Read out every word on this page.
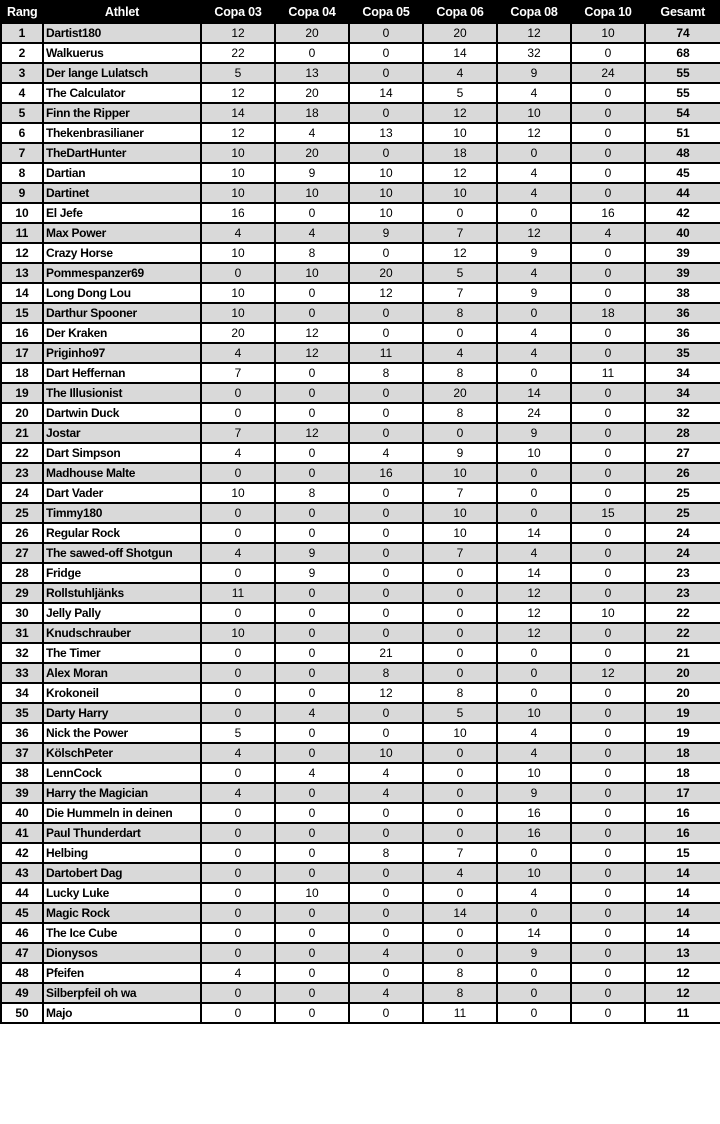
Rang	Athlet	Copa 03	Copa 04	Copa 05	Copa 06	Copa 08	Copa 10	Gesamt
1	Dartist180	12	20	0	20	12	10	74
2	Walkuerus	22	0	0	14	32	0	68
3	Der lange Lulatsch	5	13	0	4	9	24	55
4	The Calculator	12	20	14	5	4	0	55
5	Finn the Ripper	14	18	0	12	10	0	54
6	Thekenbrasilianer	12	4	13	10	12	0	51
7	TheDartHunter	10	20	0	18	0	0	48
8	Dartian	10	9	10	12	4	0	45
9	Dartinet	10	10	10	10	4	0	44
10	El Jefe	16	0	10	0	0	16	42
11	Max Power	4	4	9	7	12	4	40
12	Crazy Horse	10	8	0	12	9	0	39
13	Pommespanzer69	0	10	20	5	4	0	39
14	Long Dong Lou	10	0	12	7	9	0	38
15	Darthur Spooner	10	0	0	8	0	18	36
16	Der Kraken	20	12	0	0	4	0	36
17	Priginho97	4	12	11	4	4	0	35
18	Dart Heffernan	7	0	8	8	0	11	34
19	The Illusionist	0	0	0	20	14	0	34
20	Dartwin Duck	0	0	0	8	24	0	32
21	Jostar	7	12	0	0	9	0	28
22	Dart Simpson	4	0	4	9	10	0	27
23	Madhouse Malte	0	0	16	10	0	0	26
24	Dart Vader	10	8	0	7	0	0	25
25	Timmy180	0	0	0	10	0	15	25
26	Regular Rock	0	0	0	10	14	0	24
27	The sawed-off Shotgun	4	9	0	7	4	0	24
28	Fridge	0	9	0	0	14	0	23
29	Rollstuhljänks	11	0	0	0	12	0	23
30	Jelly Pally	0	0	0	0	12	10	22
31	Knudschrauber	10	0	0	0	12	0	22
32	The Timer	0	0	21	0	0	0	21
33	Alex Moran	0	0	8	0	0	12	20
34	Krokoneil	0	0	12	8	0	0	20
35	Darty Harry	0	4	0	5	10	0	19
36	Nick the Power	5	0	0	10	4	0	19
37	KölschPeter	4	0	10	0	4	0	18
38	LennCock	0	4	4	0	10	0	18
39	Harry the Magician	4	0	4	0	9	0	17
40	Die Hummeln in deinen	0	0	0	0	16	0	16
41	Paul Thunderdart	0	0	0	0	16	0	16
42	Helbing	0	0	8	7	0	0	15
43	Dartobert Dag	0	0	0	4	10	0	14
44	Lucky Luke	0	10	0	0	4	0	14
45	Magic Rock	0	0	0	14	0	0	14
46	The Ice Cube	0	0	0	0	14	0	14
47	Dionysos	0	0	4	0	9	0	13
48	Pfeifen	4	0	0	8	0	0	12
49	Silberpfeil oh wa	0	0	4	8	0	0	12
50	Majo	0	0	0	11	0	0	11
